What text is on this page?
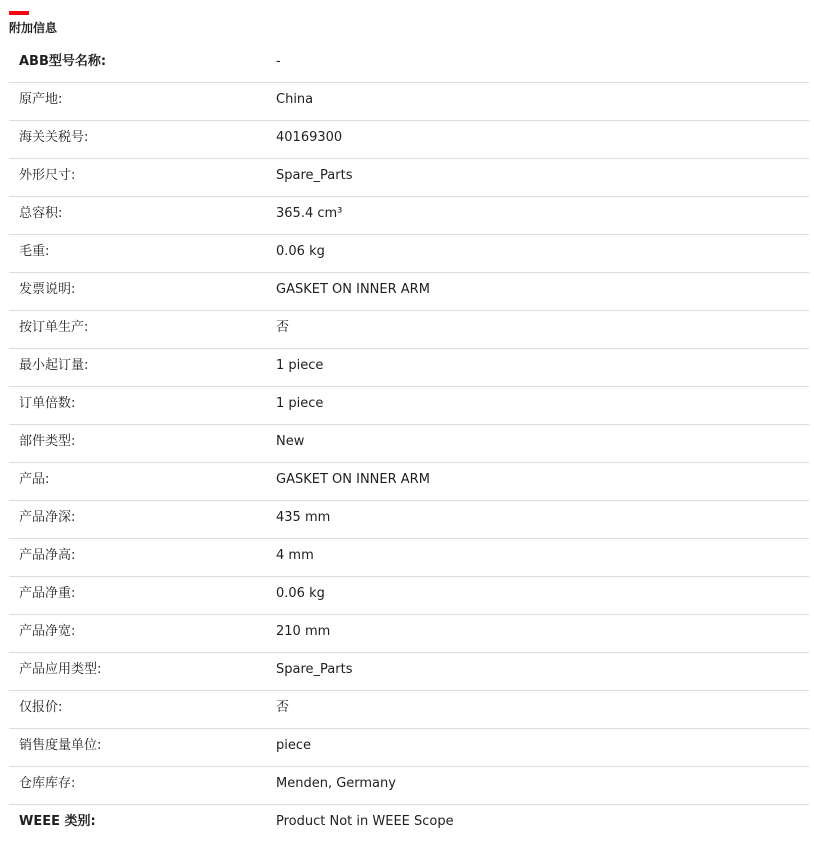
附加信息
ABB型号名称:	-
原产地:	China
海关关税号:	40169300
外形尺寸:	Spare_Parts
总容积:	365.4 cm³
毛重:	0.06 kg
发票说明:	GASKET ON INNER ARM
按订单生产:	否
最小起订量:	1 piece
订单倍数:	1 piece
部件类型:	New
产品:	GASKET ON INNER ARM
产品净深:	435 mm
产品净高:	4 mm
产品净重:	0.06 kg
产品净宽:	210 mm
产品应用类型:	Spare_Parts
仅报价:	否
销售度量单位:	piece
仓库库存:	Menden, Germany
WEEE 类别:	Product Not in WEEE Scope
